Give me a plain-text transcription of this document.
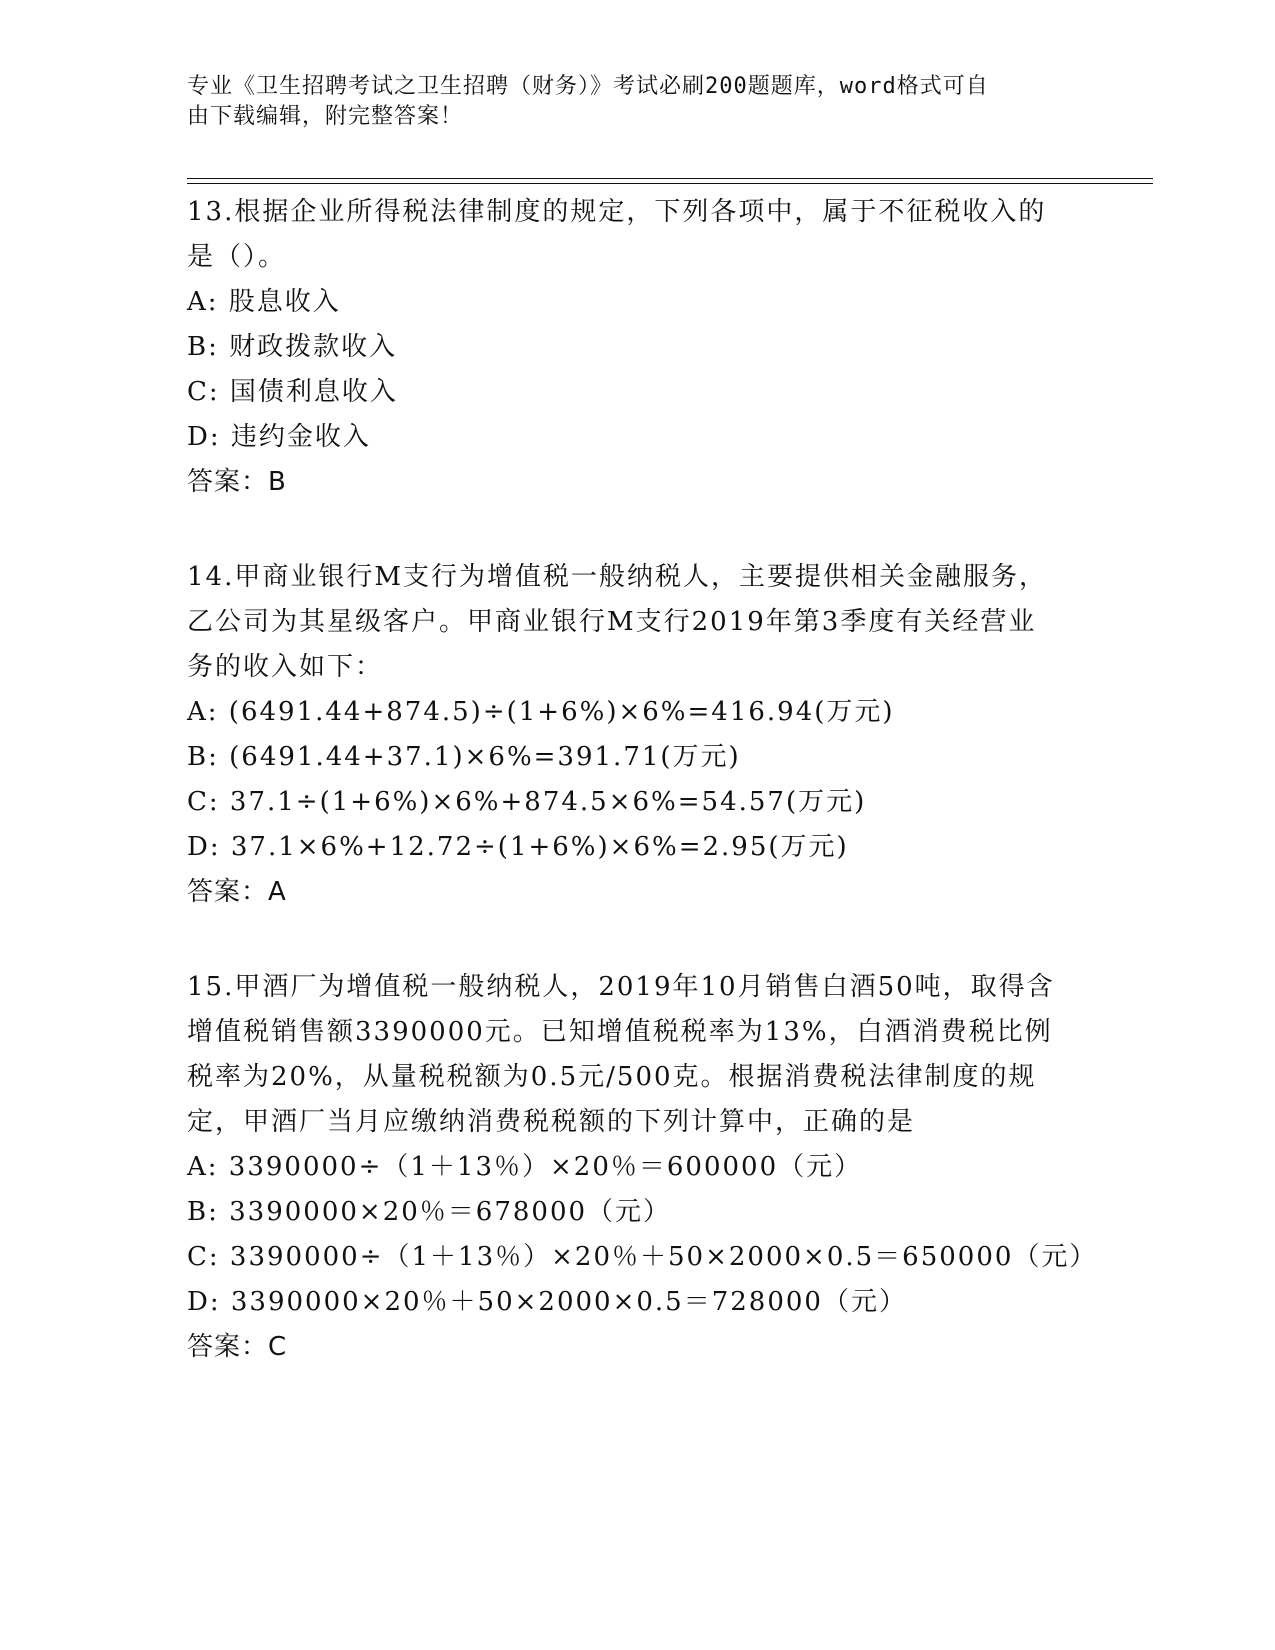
专业《卫生招聘考试之卫生招聘（财务）》考试必刷200题题库，word格式可自
由下载编辑，附完整答案！

13.根据企业所得税法律制度的规定，下列各项中，属于不征税收入的

是（）。

A: 股息收入

B: 财政拨款收入

C: 国债利息收入

D: 违约金收入

答案：B

14.甲商业银行M支行为增值税一般纳税人，主要提供相关金融服务，

乙公司为其星级客户。甲商业银行M支行2019年第3季度有关经营业

务的收入如下：

A: (6491.44+874.5)÷(1+6%)×6%=416.94(万元)

B: (6491.44+37.1)×6%=391.71(万元)

C: 37.1÷(1+6%)×6%+874.5×6%=54.57(万元)

D: 37.1×6%+12.72÷(1+6%)×6%=2.95(万元)

答案：A

15.甲酒厂为增值税一般纳税人，2019年10月销售白酒50吨，取得含

增值税销售额3390000元。已知增值税税率为13%，白酒消费税比例

税率为20%，从量税税额为0.5元/500克。根据消费税法律制度的规

定，甲酒厂当月应缴纳消费税税额的下列计算中，正确的是

A: 3390000÷（1＋13％）×20％＝600000（元）

B: 3390000×20％＝678000（元）

C: 3390000÷（1＋13％）×20％＋50×2000×0.5＝650000（元）

D: 3390000×20％＋50×2000×0.5＝728000（元）

答案：C
